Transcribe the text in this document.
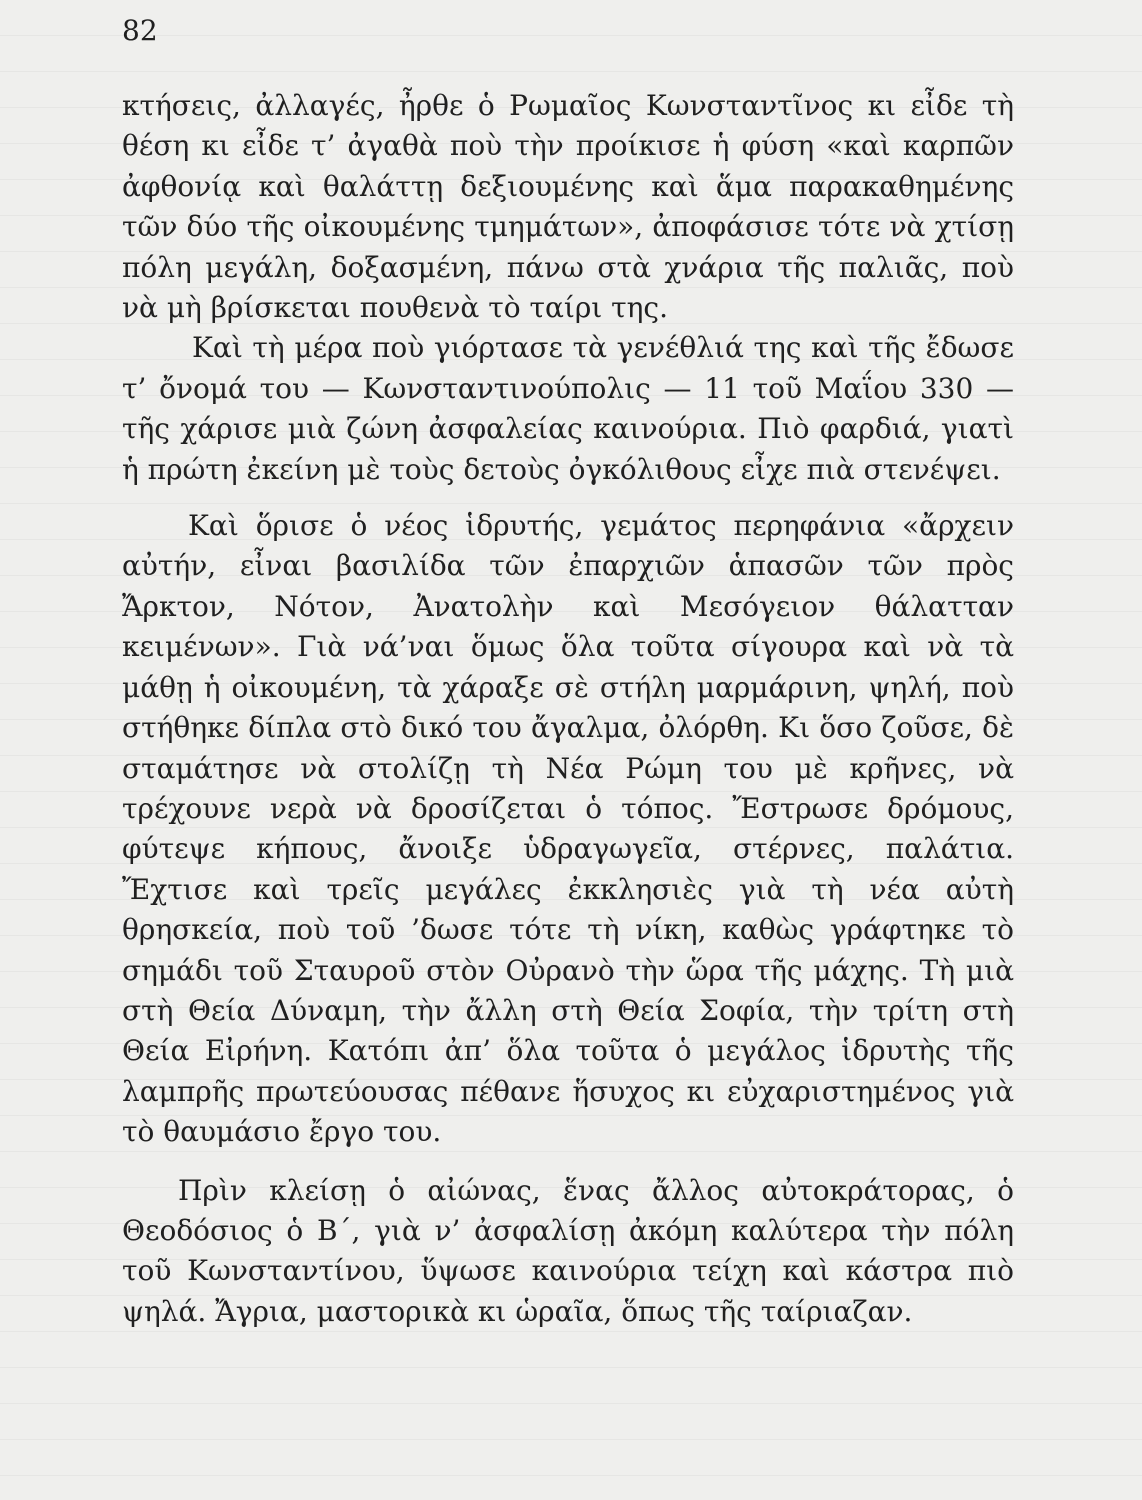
82

κτήσεις, ἀλλαγές, ἦρθε ὁ Ρωμαῖος Κωνσταντῖνος κι εἶδε τὴ θέση κι εἶδε τ’ ἀγαθὰ ποὺ τὴν προίκισε ἡ φύση «καὶ καρπῶν ἀφθονίᾳ καὶ θαλάττῃ δεξιουμένης καὶ ἅμα παρακαθημένης τῶν δύο τῆς οἰκουμένης τμημάτων», ἀποφάσισε τότε νὰ χτίσῃ πόλη μεγάλη, δοξασμένη, πάνω στὰ χνάρια τῆς παλιᾶς, ποὺ νὰ μὴ βρίσκεται πουθενὰ τὸ ταίρι της.

Καὶ τὴ μέρα ποὺ γιόρτασε τὰ γενέθλιά της καὶ τῆς ἔδωσε τ’ ὄνομά του — Κωνσταντινούπολις — 11 τοῦ Μαΐου 330 — τῆς χάρισε μιὰ ζώνη ἀσφαλείας καινούρια. Πιὸ φαρδιά, γιατὶ ἡ πρώτη ἐκείνη μὲ τοὺς δετοὺς ὀγκόλιθους εἶχε πιὰ στενέψει.

Καὶ ὅρισε ὁ νέος ἱδρυτής, γεμάτος περηφάνια «ἄρχειν αὐτήν, εἶναι βασιλίδα τῶν ἐπαρχιῶν ἁπασῶν τῶν πρὸς Ἄρκτον, Νότον, Ἀνατολὴν καὶ Μεσόγειον θάλατταν κειμένων». Γιὰ νά’ναι ὅμως ὅλα τοῦτα σίγουρα καὶ νὰ τὰ μάθῃ ἡ οἰκουμένη, τὰ χάραξε σὲ στήλη μαρμάρινη, ψηλή, ποὺ στήθηκε δίπλα στὸ δικό του ἄγαλμα, ὀλόρθη. Κι ὅσο ζοῦσε, δὲ σταμάτησε νὰ στολίζῃ τὴ Νέα Ρώμη του μὲ κρῆνες, νὰ τρέχουνε νερὰ νὰ δροσίζεται ὁ τόπος. Ἔστρωσε δρόμους, φύτεψε κήπους, ἄνοιξε ὑδραγωγεῖα, στέρνες, παλάτια. Ἔχτισε καὶ τρεῖς μεγάλες ἐκκλησιὲς γιὰ τὴ νέα αὐτὴ θρησκεία, ποὺ τοῦ ’δωσε τότε τὴ νίκη, καθὼς γράφτηκε τὸ σημάδι τοῦ Σταυροῦ στὸν Οὐρανὸ τὴν ὥρα τῆς μάχης. Τὴ μιὰ στὴ Θεία Δύναμη, τὴν ἄλλη στὴ Θεία Σοφία, τὴν τρίτη στὴ Θεία Εἰρήνη. Κατόπι ἀπ’ ὅλα τοῦτα ὁ μεγάλος ἱδρυτὴς τῆς λαμπρῆς πρωτεύουσας πέθανε ἥσυχος κι εὐχαριστημένος γιὰ τὸ θαυμάσιο ἔργο του.

Πρὶν κλείσῃ ὁ αἰώνας, ἕνας ἄλλος αὐτοκράτορας, ὁ Θεοδόσιος ὁ Β΄, γιὰ ν’ ἀσφαλίσῃ ἀκόμη καλύτερα τὴν πόλη τοῦ Κωνσταντίνου, ὕψωσε καινούρια τείχη καὶ κάστρα πιὸ ψηλά. Ἄγρια, μαστορικὰ κι ὡραῖα, ὅπως τῆς ταίριαζαν.
